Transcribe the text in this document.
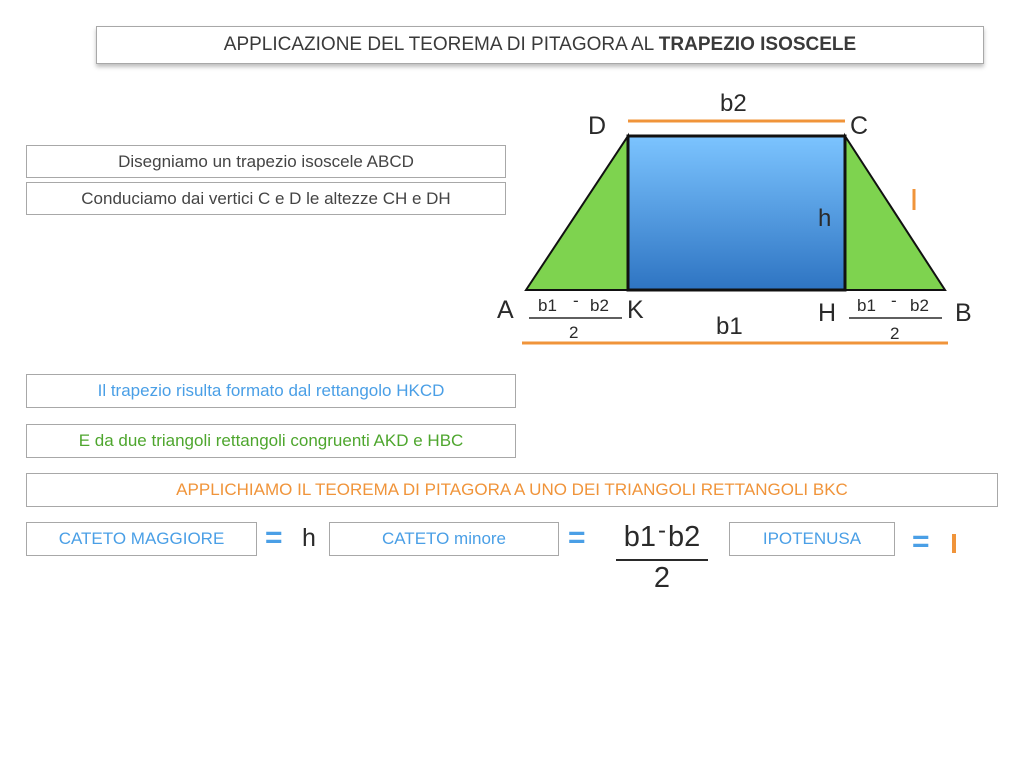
APPLICAZIONE DEL TEOREMA DI PITAGORA AL TRAPEZIO ISOSCELE
Disegniamo un trapezio isoscele ABCD
Conduciamo dai vertici C e D le altezze CH e DH
Il trapezio risulta formato dal rettangolo HKCD
E da due triangoli rettangoli congruenti AKD e HBC
APPLICHIAMO IL TEOREMA DI PITAGORA A UNO DEI TRIANGOLI RETTANGOLI BKC
D	C
A	K	H	B
b2
b1
h
b1 - b2
2
b1 - b2
2
CATETO MAGGIORE	= h	CATETO minore	=	b1-b2
2
IPOTENUSA	=
